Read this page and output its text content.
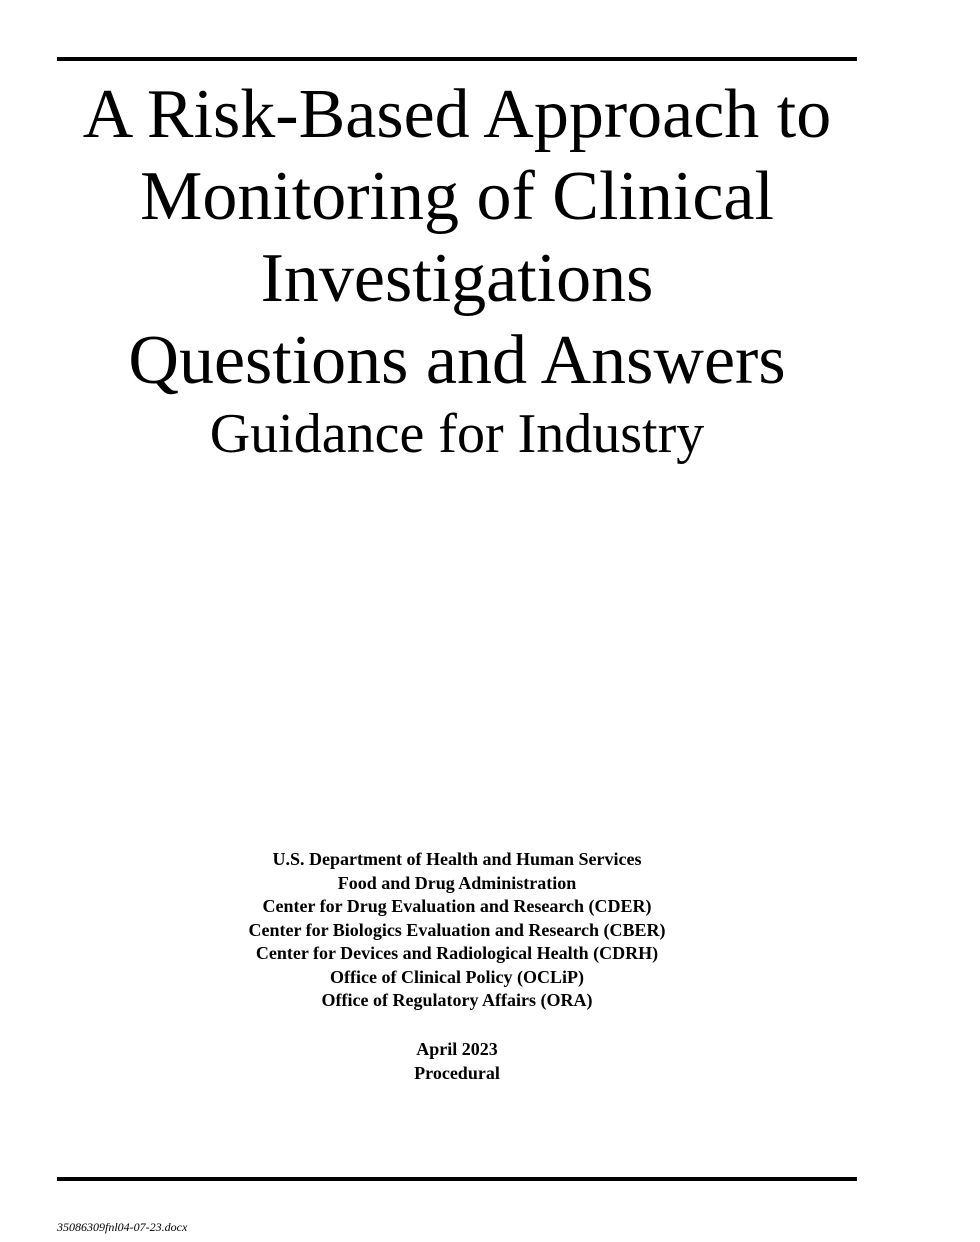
A Risk-Based Approach to
Monitoring of Clinical
Investigations
Questions and Answers
Guidance for Industry
U.S. Department of Health and Human Services
Food and Drug Administration
Center for Drug Evaluation and Research (CDER)
Center for Biologics Evaluation and Research (CBER)
Center for Devices and Radiological Health (CDRH)
Office of Clinical Policy (OCLiP)
Office of Regulatory Affairs (ORA)
April 2023
Procedural
35086309fnl04-07-23.docx
